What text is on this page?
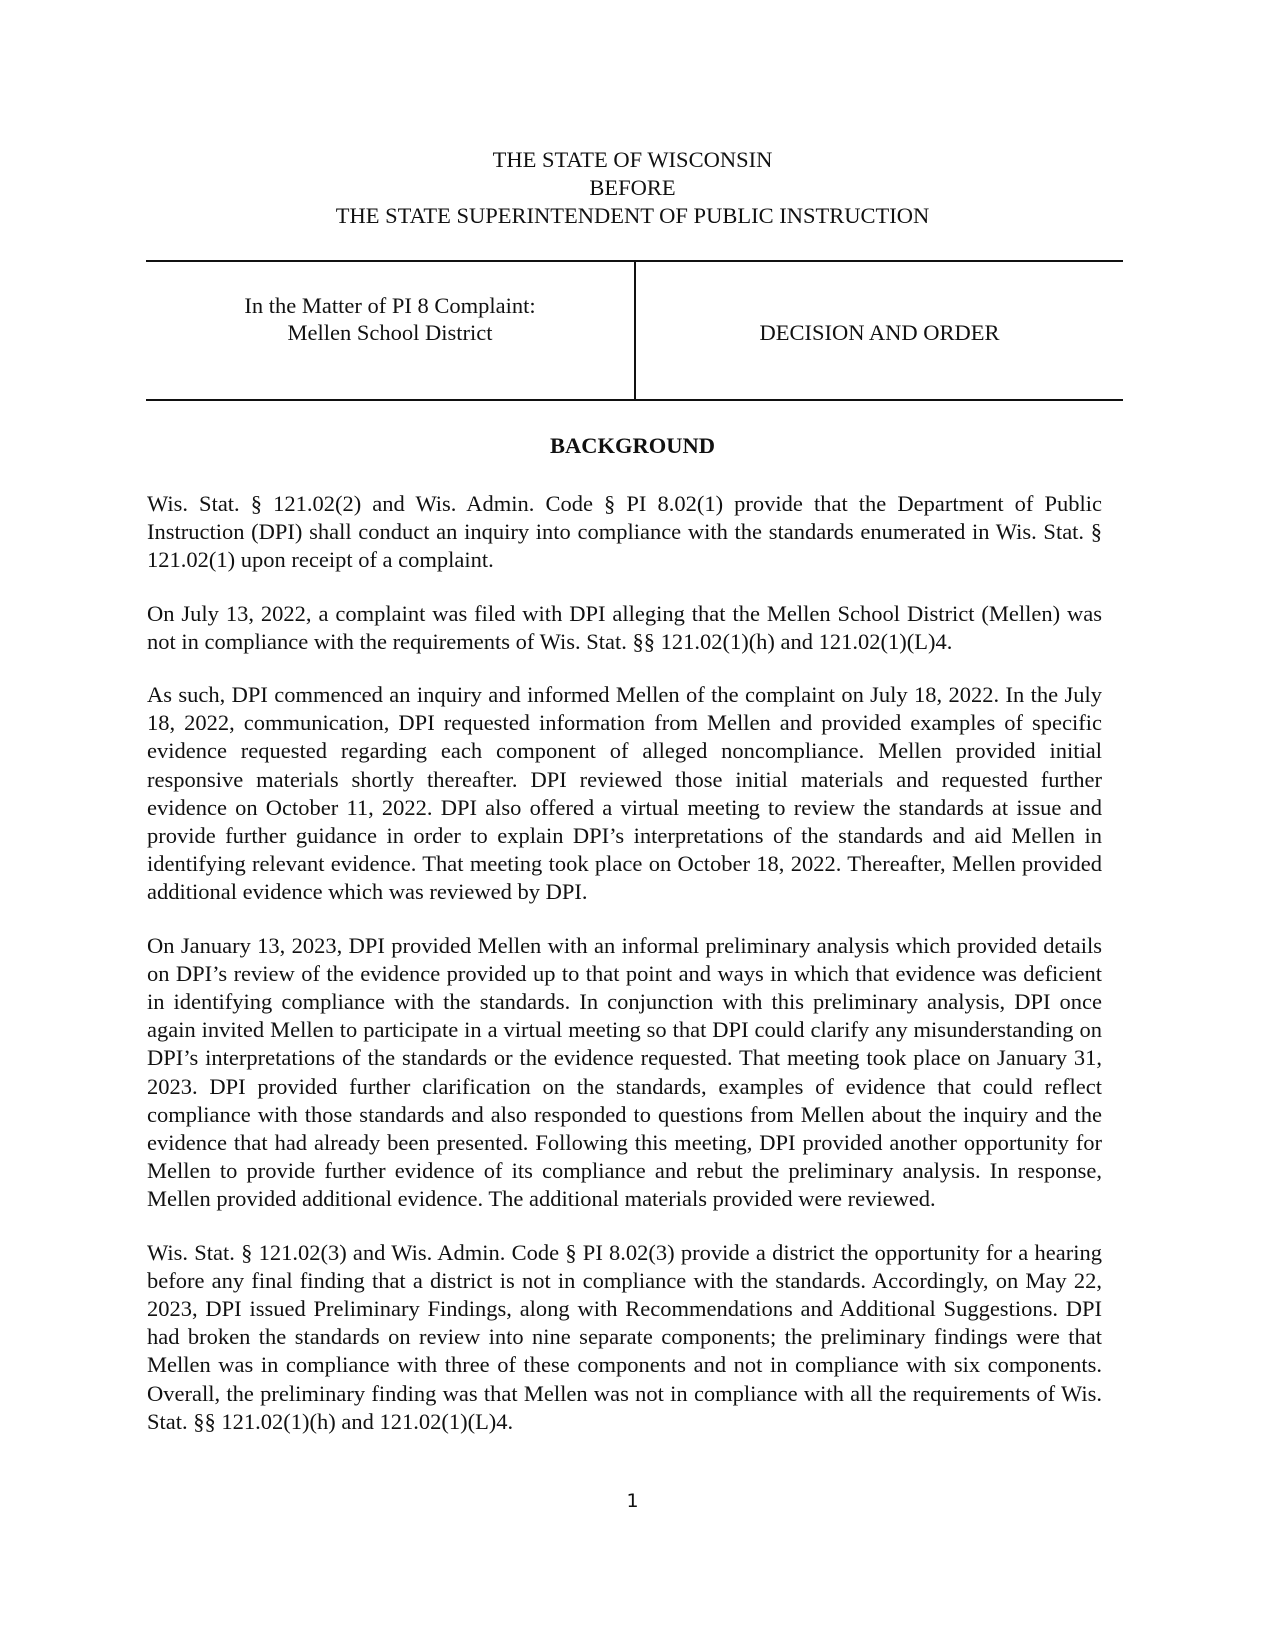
THE STATE OF WISCONSIN
BEFORE
THE STATE SUPERINTENDENT OF PUBLIC INSTRUCTION
In the Matter of PI 8 Complaint:
Mellen School District	DECISION AND ORDER
BACKGROUND

Wis. Stat. § 121.02(2) and Wis. Admin. Code § PI 8.02(1) provide that the Department of Public Instruction (DPI) shall conduct an inquiry into compliance with the standards enumerated in Wis. Stat. § 121.02(1) upon receipt of a complaint.

On July 13, 2022, a complaint was filed with DPI alleging that the Mellen School District (Mellen) was not in compliance with the requirements of Wis. Stat. §§ 121.02(1)(h) and 121.02(1)(L)4.

As such, DPI commenced an inquiry and informed Mellen of the complaint on July 18, 2022. In the July 18, 2022, communication, DPI requested information from Mellen and provided examples of specific evidence requested regarding each component of alleged noncompliance. Mellen provided initial responsive materials shortly thereafter. DPI reviewed those initial materials and requested further evidence on October 11, 2022. DPI also offered a virtual meeting to review the standards at issue and provide further guidance in order to explain DPI’s interpretations of the standards and aid Mellen in identifying relevant evidence. That meeting took place on October 18, 2022. Thereafter, Mellen provided additional evidence which was reviewed by DPI.

On January 13, 2023, DPI provided Mellen with an informal preliminary analysis which provided details on DPI’s review of the evidence provided up to that point and ways in which that evidence was deficient in identifying compliance with the standards. In conjunction with this preliminary analysis, DPI once again invited Mellen to participate in a virtual meeting so that DPI could clarify any misunderstanding on DPI’s interpretations of the standards or the evidence requested. That meeting took place on January 31, 2023. DPI provided further clarification on the standards, examples of evidence that could reflect compliance with those standards and also responded to questions from Mellen about the inquiry and the evidence that had already been presented. Following this meeting, DPI provided another opportunity for Mellen to provide further evidence of its compliance and rebut the preliminary analysis. In response, Mellen provided additional evidence. The additional materials provided were reviewed.

Wis. Stat. § 121.02(3) and Wis. Admin. Code § PI 8.02(3) provide a district the opportunity for a hearing before any final finding that a district is not in compliance with the standards. Accordingly, on May 22, 2023, DPI issued Preliminary Findings, along with Recommendations and Additional Suggestions. DPI had broken the standards on review into nine separate components; the preliminary findings were that Mellen was in compliance with three of these components and not in compliance with six components. Overall, the preliminary finding was that Mellen was not in compliance with all the requirements of Wis. Stat. §§ 121.02(1)(h) and 121.02(1)(L)4.

1
